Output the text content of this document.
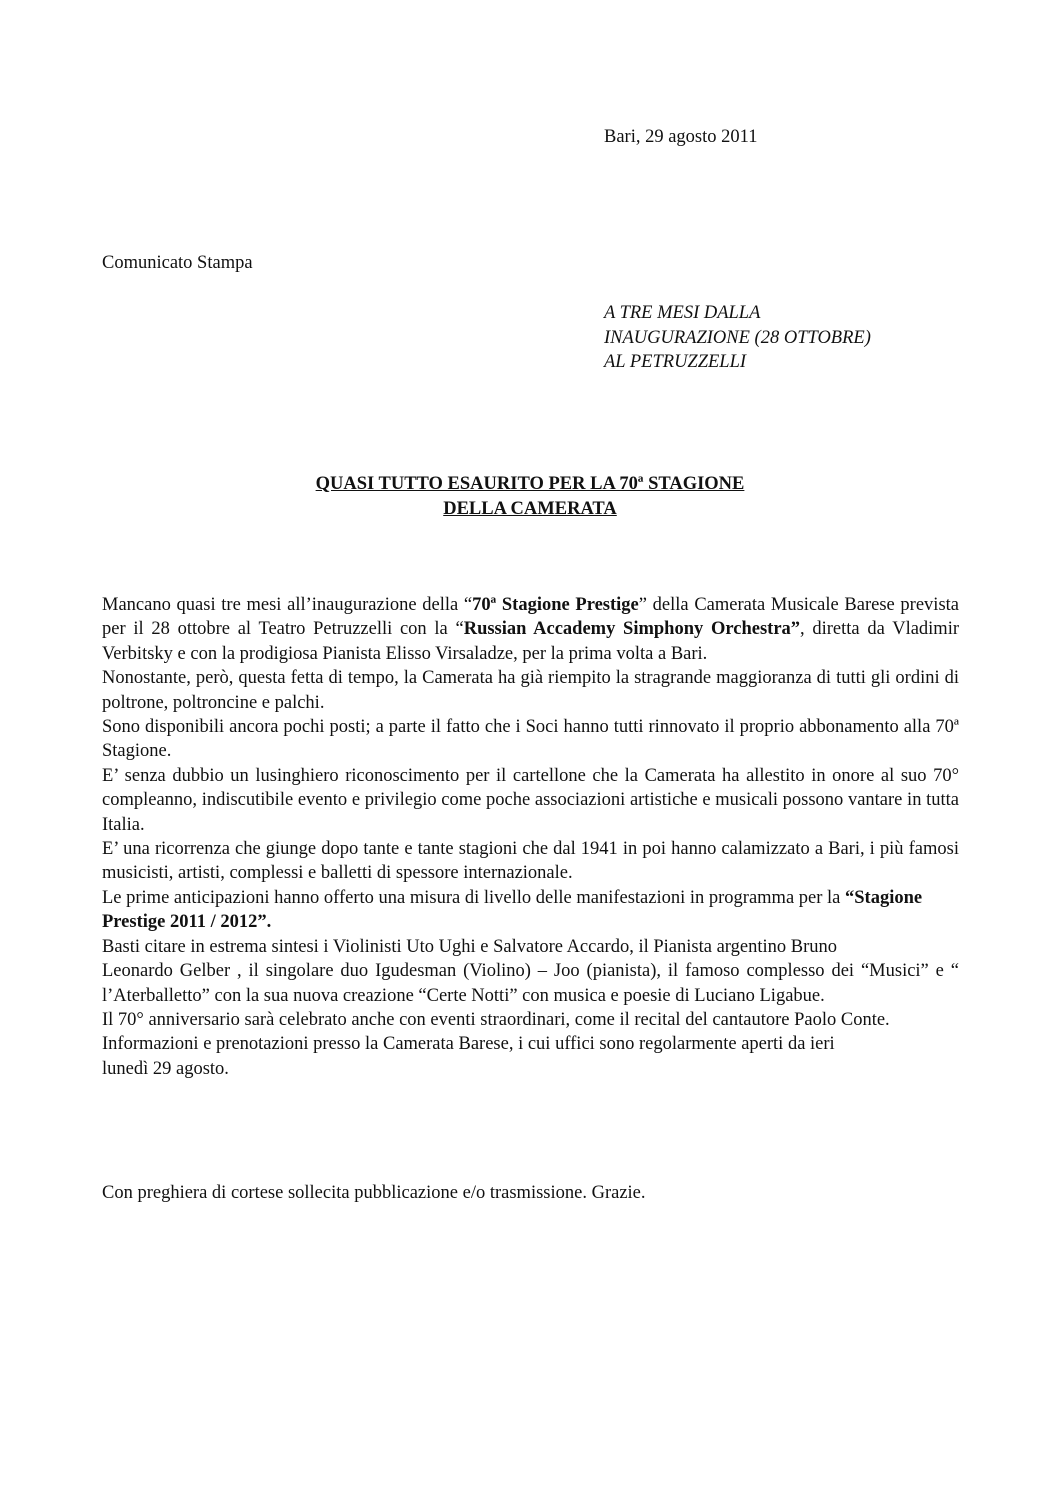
Bari, 29 agosto 2011
Comunicato Stampa
A TRE MESI DALLA
INAUGURAZIONE (28 OTTOBRE)
AL PETRUZZELLI
QUASI TUTTO ESAURITO PER LA 70ª STAGIONE
DELLA CAMERATA

Mancano quasi tre mesi all’inaugurazione della “70ª Stagione Prestige” della Camerata Musicale Barese prevista per il 28 ottobre al Teatro Petruzzelli con la “Russian Accademy Simphony Orchestra”, diretta da Vladimir Verbitsky e con la prodigiosa Pianista Elisso Virsaladze, per la prima volta a Bari.

Nonostante, però, questa fetta di tempo, la Camerata ha già riempito la stragrande maggioranza di tutti gli ordini di poltrone, poltroncine e palchi.

Sono disponibili ancora pochi posti; a parte il fatto che i Soci hanno tutti rinnovato il proprio abbonamento alla 70ª Stagione.

E’ senza dubbio un lusinghiero riconoscimento per il cartellone che la Camerata ha allestito in onore al suo 70° compleanno, indiscutibile evento e privilegio come poche associazioni artistiche e musicali possono vantare in tutta Italia.

E’ una ricorrenza che giunge dopo tante e tante stagioni che dal 1941 in poi hanno calamizzato a Bari, i più famosi musicisti, artisti, complessi e balletti di spessore internazionale.

Le prime anticipazioni hanno offerto una misura di livello delle manifestazioni in programma per la “Stagione Prestige 2011 / 2012”.

Basti citare in estrema sintesi i Violinisti Uto Ughi e Salvatore Accardo, il Pianista argentino Bruno
Leonardo Gelber , il singolare duo Igudesman (Violino) – Joo (pianista), il famoso complesso dei “Musici” e “ l’Aterballetto” con la sua nuova creazione “Certe Notti” con musica e poesie di Luciano Ligabue.

Il 70° anniversario sarà celebrato anche con eventi straordinari, come il recital del cantautore Paolo Conte.

Informazioni e prenotazioni presso la Camerata Barese, i cui uffici sono regolarmente aperti da ieri
lunedì 29 agosto.

Con preghiera di cortese sollecita pubblicazione e/o trasmissione. Grazie.
